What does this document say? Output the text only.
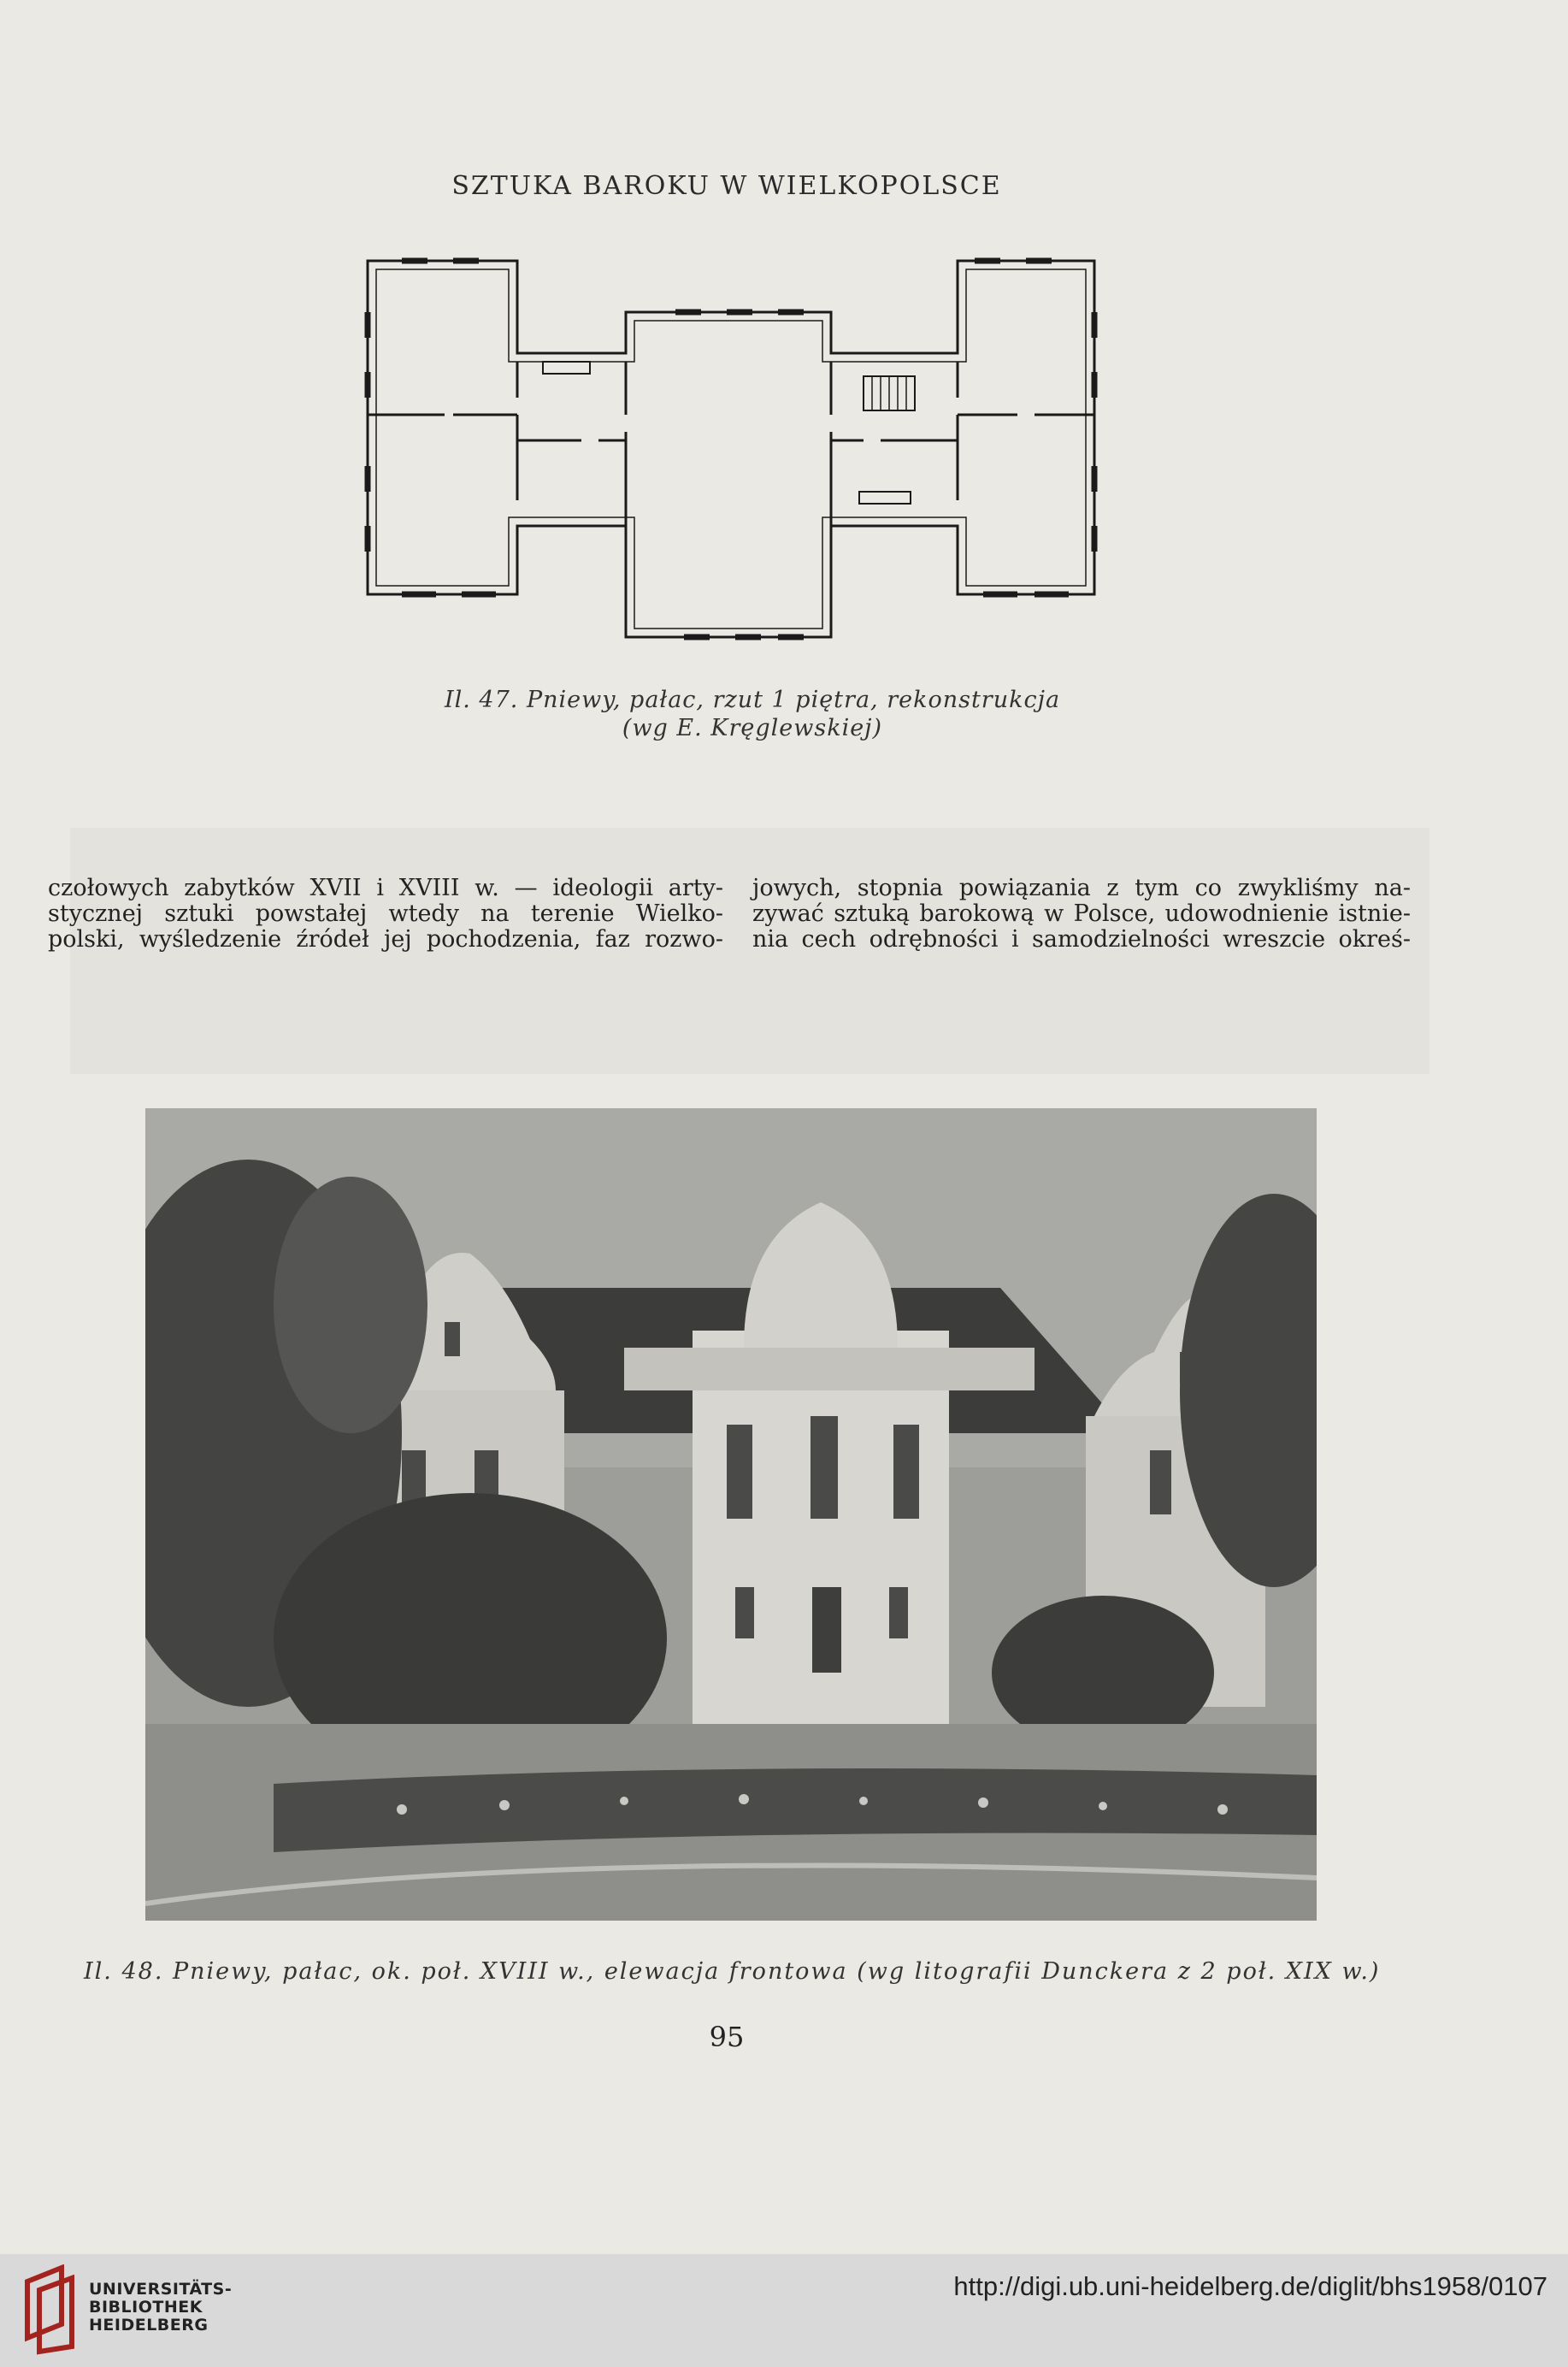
SZTUKA BAROKU W WIELKOPOLSCE
Il. 47. Pniewy, pałac, rzut 1 piętra, rekonstrukcja
(wg E. Kręglewskiej)
czołowych zabytków XVII i XVIII w. — ideologii arty-
stycznej sztuki powstałej wtedy na terenie Wielko-
polski, wyśledzenie źródeł jej pochodzenia, faz rozwo-
jowych, stopnia powiązania z tym co zwykliśmy na-
zywać sztuką barokową w Polsce, udowodnienie istnie-
nia cech odrębności i samodzielności wreszcie okreś-
Il. 48. Pniewy, pałac, ok. poł. XVIII w., elewacja frontowa (wg litografii Dunckera z 2 poł. XIX w.)
95
UNIVERSITÄTS-
BIBLIOTHEK
HEIDELBERG
http://digi.ub.uni-heidelberg.de/diglit/bhs1958/0107
